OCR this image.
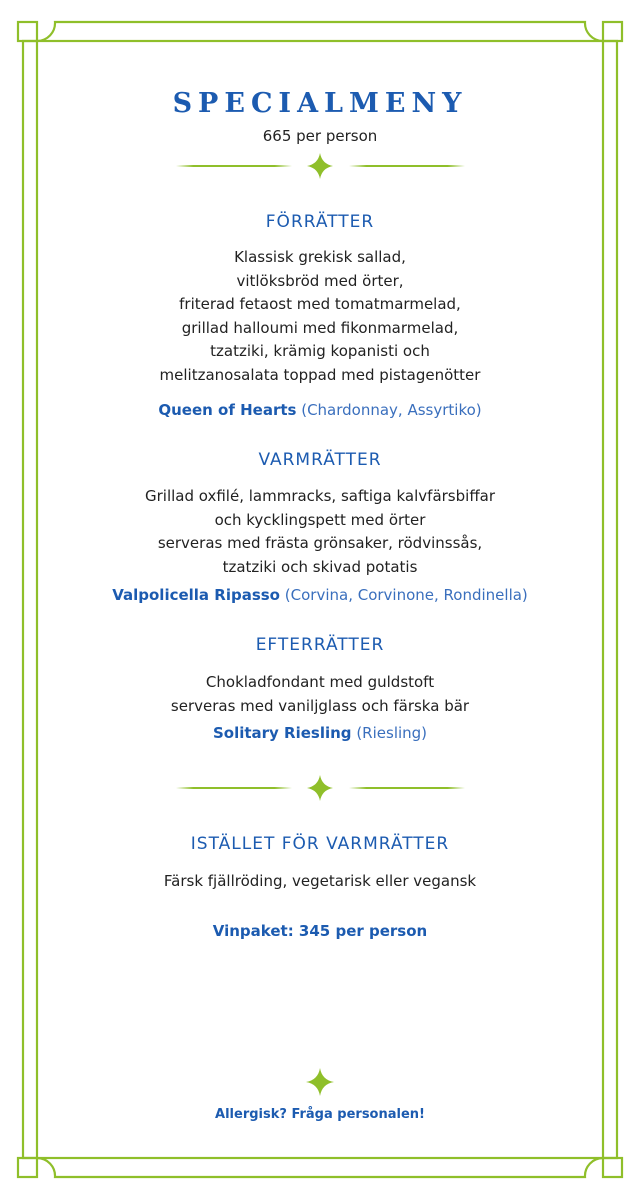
SPECIALMENY
665 per person
FÖRRÄTTER
Klassisk grekisk sallad,
vitlöksbröd med örter,
friterad fetaost med tomatmarmelad,
grillad halloumi med fikonmarmelad,
tzatziki, krämig kopanisti och
melitzanosalata toppad med pistagenötter
Queen of Hearts (Chardonnay, Assyrtiko)
VARMRÄTTER
Grillad oxfilé, lammracks, saftiga kalvfärsbiffar
och kycklingspett med örter
serveras med frästa grönsaker, rödvinssås,
tzatziki och skivad potatis
Valpolicella Ripasso (Corvina, Corvinone, Rondinella)
EFTERRÄTTER
Chokladfondant med guldstoft
serveras med vaniljglass och färska bär
Solitary Riesling (Riesling)
ISTÄLLET FÖR VARMRÄTTER
Färsk fjällröding, vegetarisk eller vegansk
Vinpaket: 345 per person
Allergisk? Fråga personalen!
